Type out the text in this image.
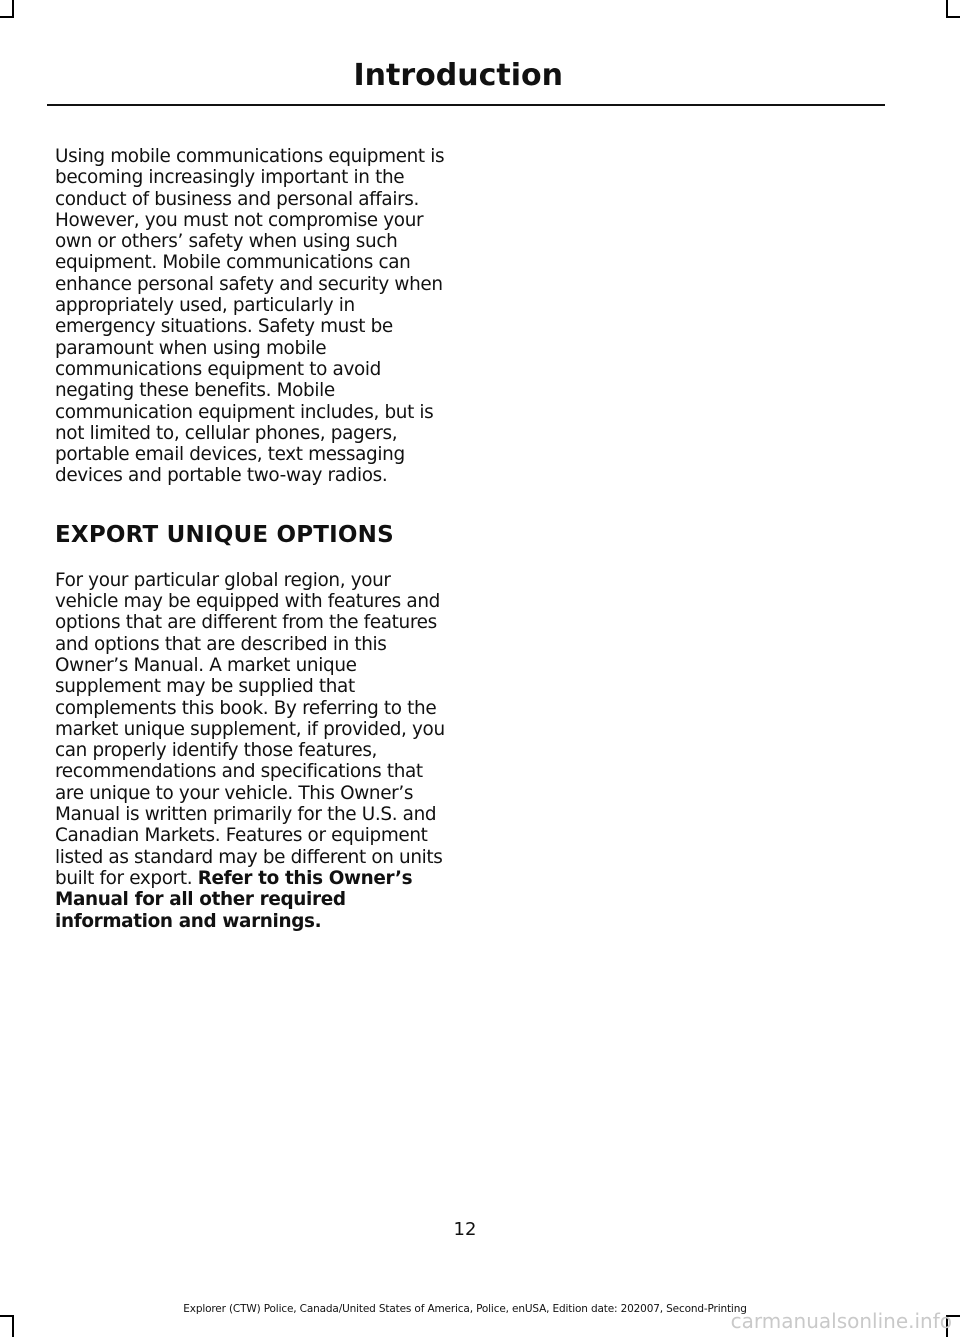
Introduction

Using mobile communications equipment is becoming increasingly important in the conduct of business and personal affairs. However, you must not compromise your own or others’ safety when using such equipment. Mobile communications can enhance personal safety and security when appropriately used, particularly in emergency situations. Safety must be paramount when using mobile communications equipment to avoid negating these benefits. Mobile communication equipment includes, but is not limited to, cellular phones, pagers, portable email devices, text messaging devices and portable two-way radios.

EXPORT UNIQUE OPTIONS

For your particular global region, your vehicle may be equipped with features and options that are different from the features and options that are described in this Owner’s Manual. A market unique supplement may be supplied that complements this book. By referring to the market unique supplement, if provided, you can properly identify those features, recommendations and specifications that are unique to your vehicle. This Owner’s Manual is written primarily for the U.S. and Canadian Markets. Features or equipment listed as standard may be different on units built for export. Refer to this Owner’s Manual for all other required information and warnings.

12
Explorer (CTW) Police, Canada/United States of America, Police, enUSA, Edition date: 202007, Second-Printing
carmanualsonline.info
